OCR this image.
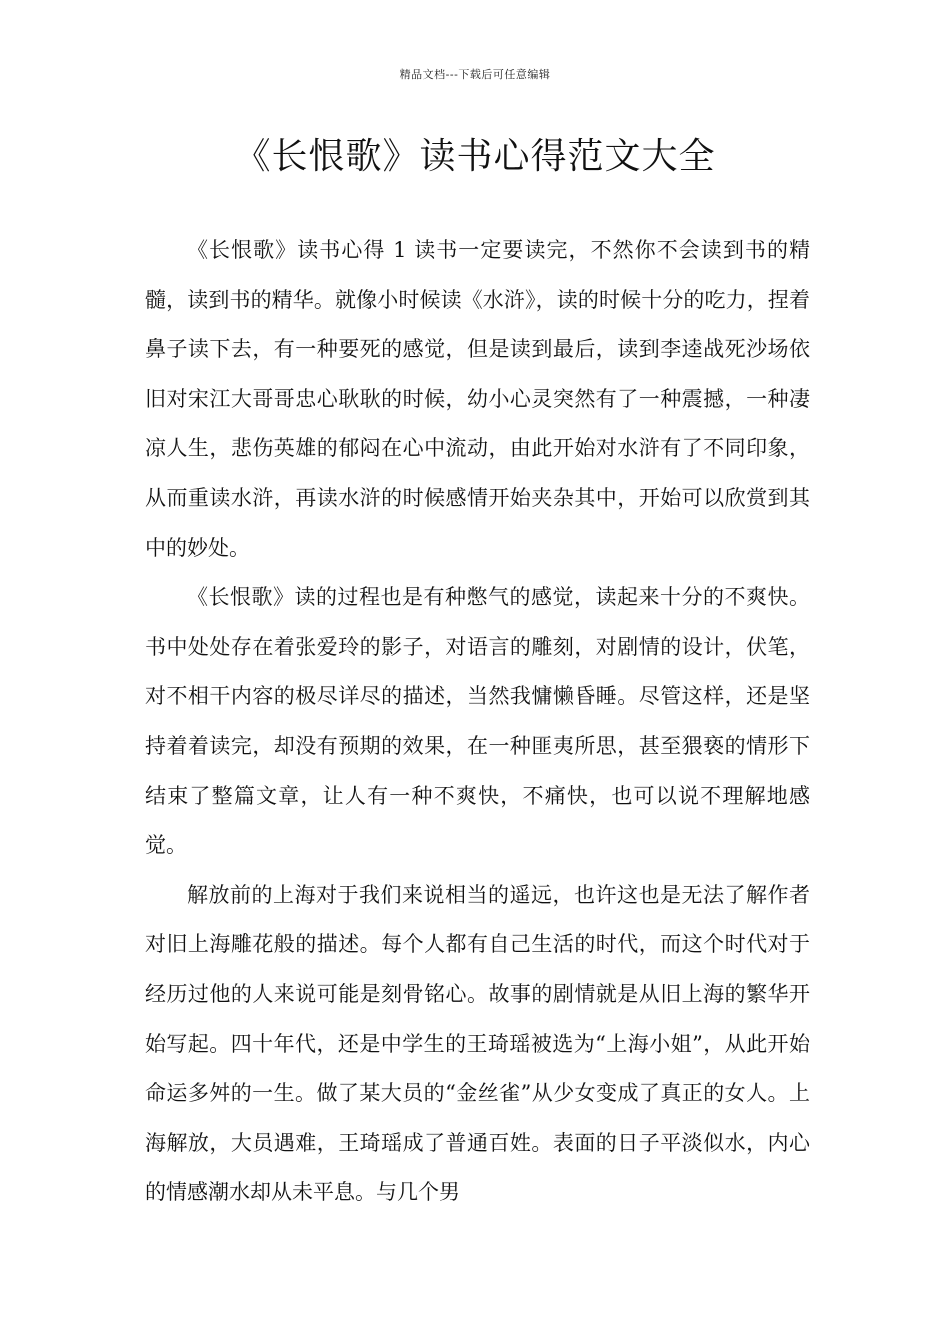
精品文档---下载后可任意编辑
《长恨歌》读书心得范文大全

《长恨歌》读书心得 1 读书一定要读完，不然你不会读到书的精髓，读到书的精华。就像小时候读《水浒》，读的时候十分的吃力，捏着鼻子读下去，有一种要死的感觉，但是读到最后，读到李逵战死沙场依旧对宋江大哥哥忠心耿耿的时候，幼小心灵突然有了一种震撼，一种凄凉人生，悲伤英雄的郁闷在心中流动，由此开始对水浒有了不同印象，从而重读水浒，再读水浒的时候感情开始夹杂其中，开始可以欣赏到其中的妙处。

《长恨歌》读的过程也是有种憋气的感觉，读起来十分的不爽快。书中处处存在着张爱玲的影子，对语言的雕刻，对剧情的设计，伏笔，对不相干内容的极尽详尽的描述，当然我慵懒昏睡。尽管这样，还是坚持着着读完，却没有预期的效果，在一种匪夷所思，甚至猥亵的情形下结束了整篇文章，让人有一种不爽快，不痛快，也可以说不理解地感觉。

解放前的上海对于我们来说相当的遥远，也许这也是无法了解作者对旧上海雕花般的描述。每个人都有自己生活的时代，而这个时代对于经历过他的人来说可能是刻骨铭心。故事的剧情就是从旧上海的繁华开始写起。四十年代，还是中学生的王琦瑶被选为“上海小姐”，从此开始命运多舛的一生。做了某大员的“金丝雀”从少女变成了真正的女人。上海解放，大员遇难，王琦瑶成了普通百姓。表面的日子平淡似水，内心的情感潮水却从未平息。与几个男
